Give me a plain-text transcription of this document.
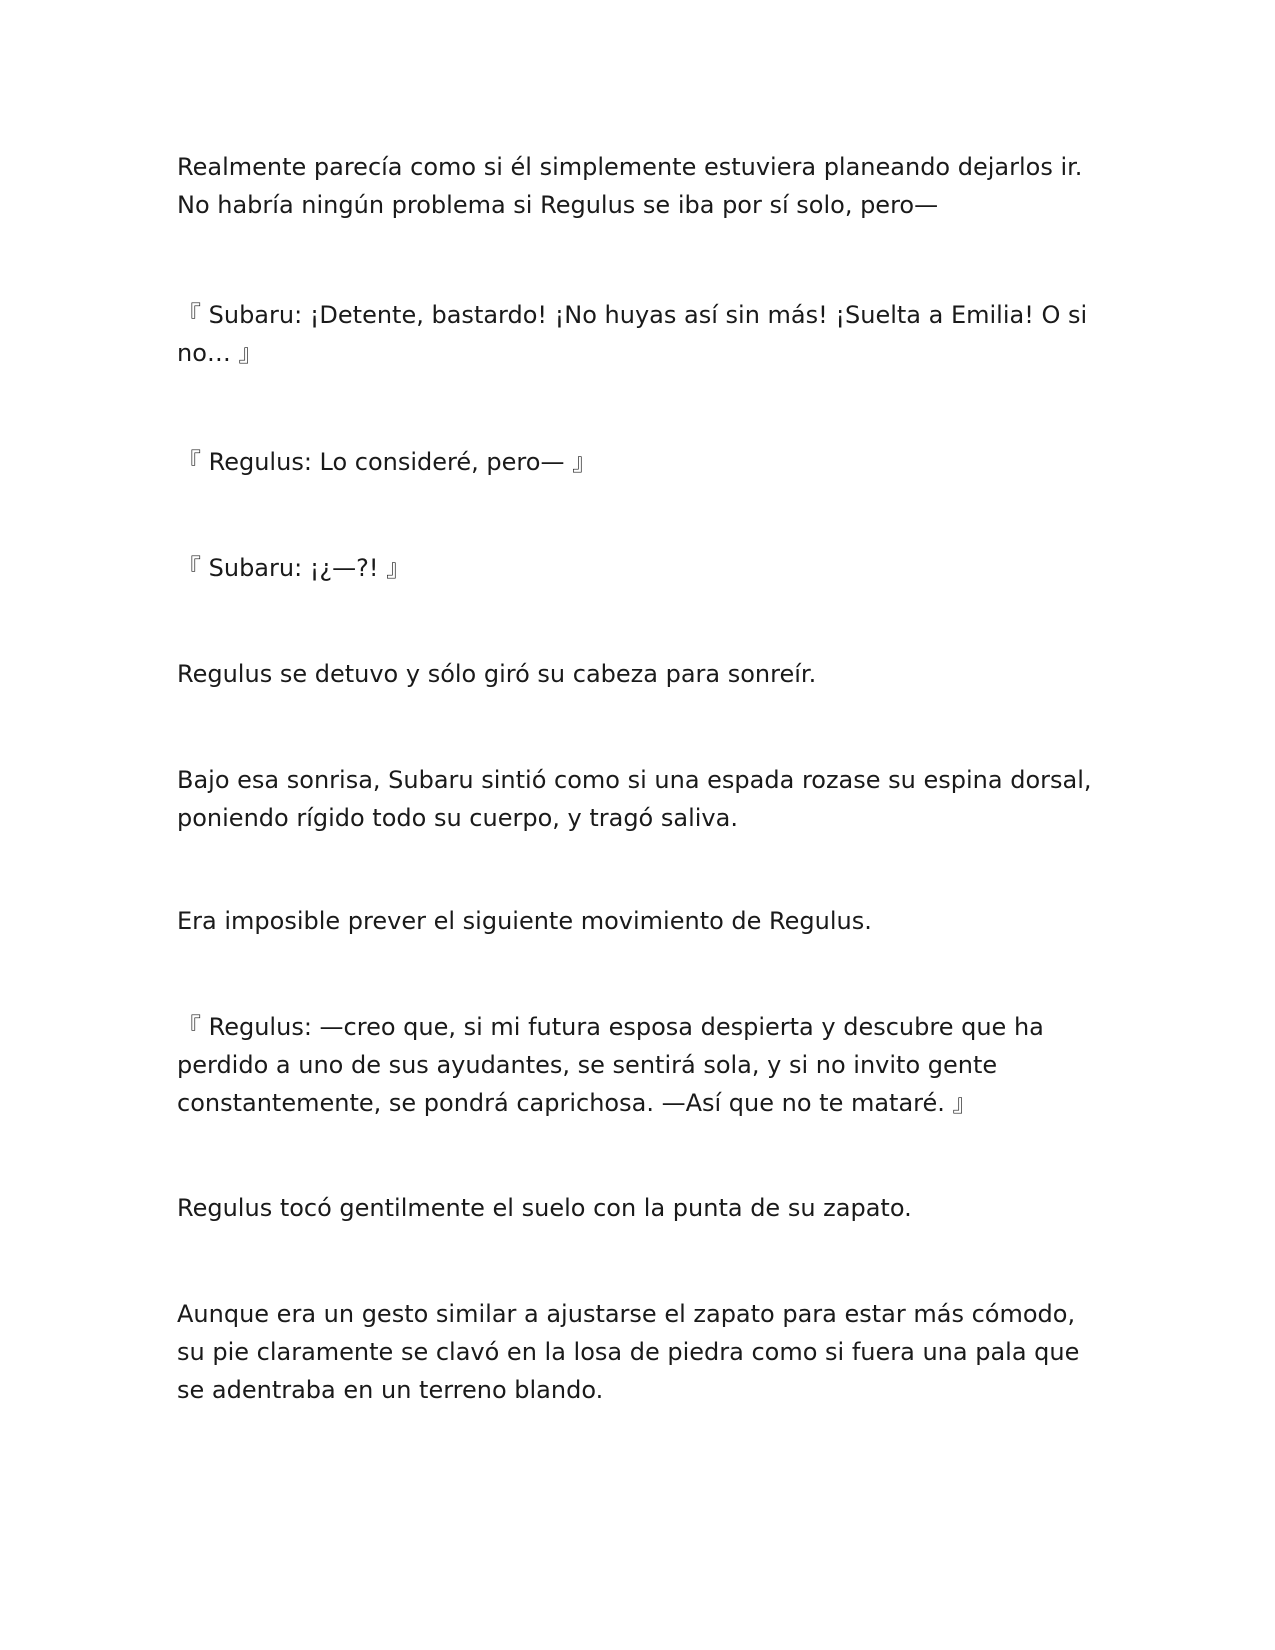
Realmente parecía como si él simplemente estuviera planeando dejarlos ir. No habría ningún problema si Regulus se iba por sí solo, pero—

『 Subaru: ¡Detente, bastardo! ¡No huyas así sin más! ¡Suelta a Emilia! O si no… 』

『 Regulus: Lo consideré, pero— 』

『 Subaru: ¡¿—?! 』

Regulus se detuvo y sólo giró su cabeza para sonreír.

Bajo esa sonrisa, Subaru sintió como si una espada rozase su espina dorsal, poniendo rígido todo su cuerpo, y tragó saliva.

Era imposible prever el siguiente movimiento de Regulus.

『 Regulus: —creo que, si mi futura esposa despierta y descubre que ha perdido a uno de sus ayudantes, se sentirá sola, y si no invito gente constantemente, se pondrá caprichosa. —Así que no te mataré. 』

Regulus tocó gentilmente el suelo con la punta de su zapato.

Aunque era un gesto similar a ajustarse el zapato para estar más cómodo, su pie claramente se clavó en la losa de piedra como si fuera una pala que se adentraba en un terreno blando.
